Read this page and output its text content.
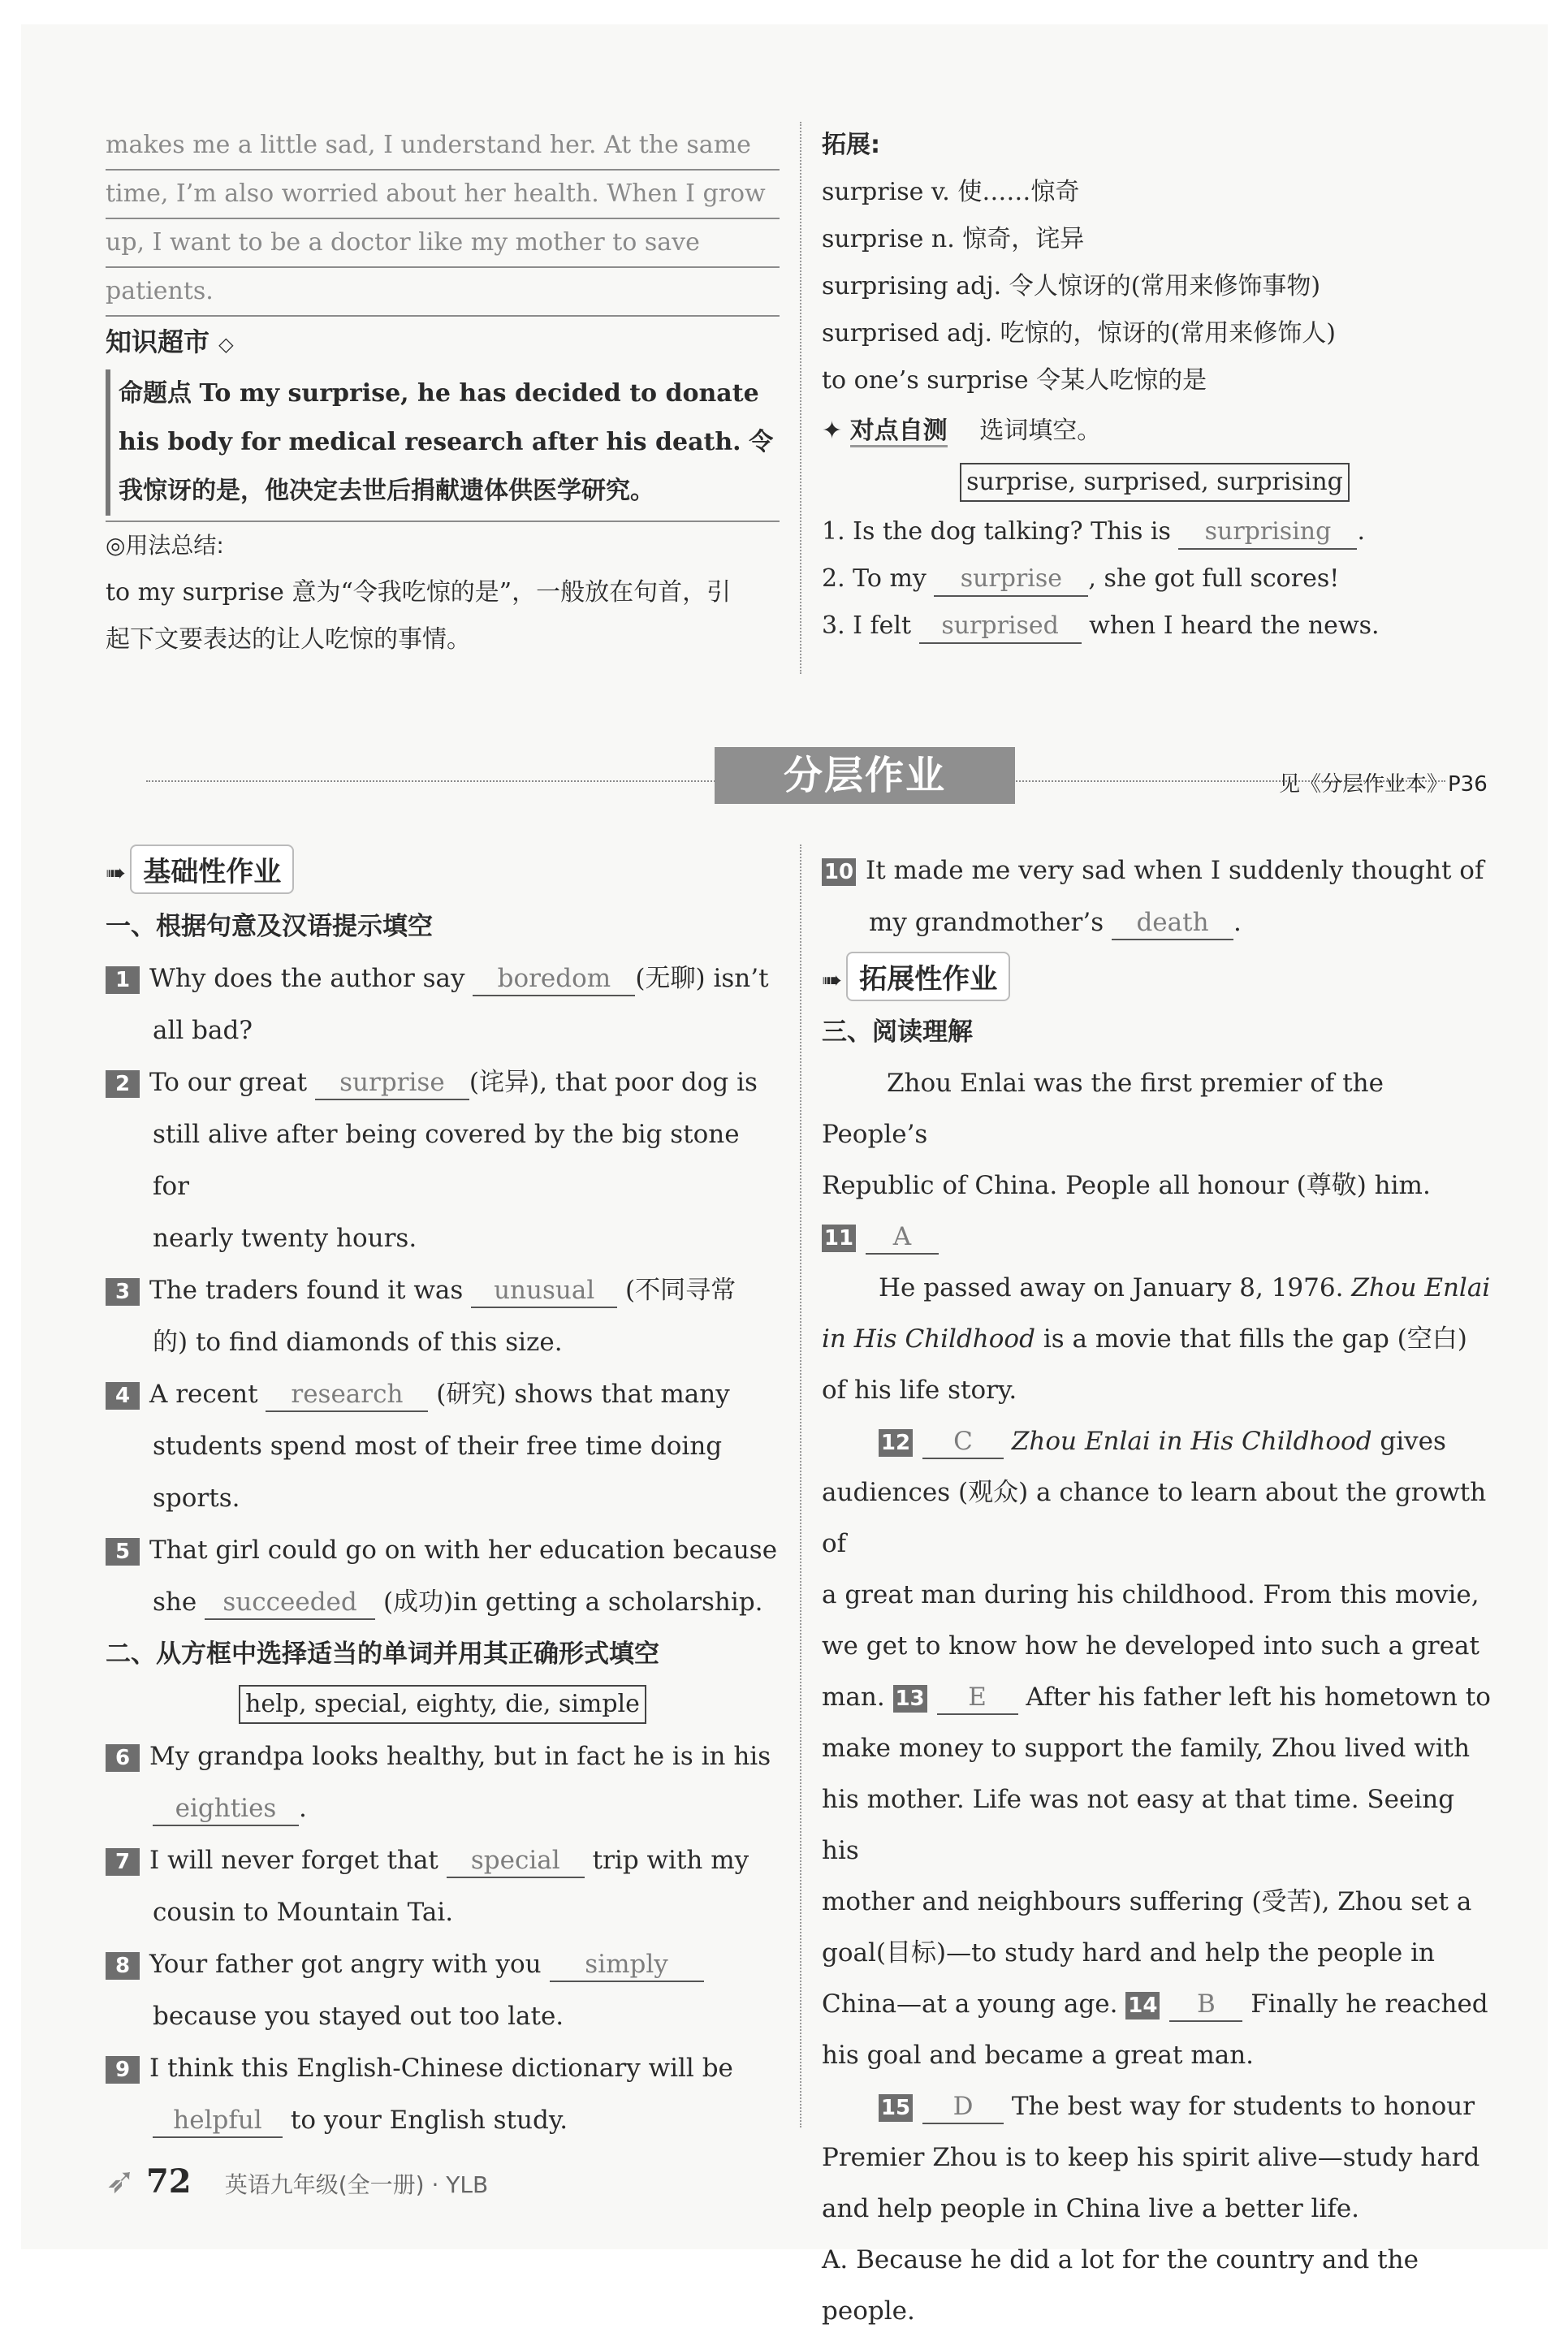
makes me a little sad, I understand her. At the same

time, I’m also worried about her health. When I grow

up, I want to be a doctor like my mother to save

patients.

知识超市 ◇

命题点 To my surprise, he has decided to donate his body for medical research after his death. 令我惊讶的是，他决定去世后捐献遗体供医学研究。

◎用法总结:

to my surprise 意为“令我吃惊的是”，一般放在句首，引

起下文要表达的让人吃惊的事情。

拓展:

surprise v. 使……惊奇

surprise n. 惊奇，诧异

surprising adj. 令人惊讶的(常用来修饰事物)

surprised adj. 吃惊的，惊讶的(常用来修饰人)

to one’s surprise 令某人吃惊的是

✦ 对点自测 选词填空。

surprise, surprised, surprising

1. Is the dog talking? This is surprising .

2. To my surprise , she got full scores!

3. I felt surprised when I heard the news.

分层作业	见《分层作业本》P36

➠ 基础性作业

一、根据句意及汉语提示填空

1 Why does the author say boredom (无聊) isn’t

all bad?

2 To our great surprise (诧异), that poor dog is

still alive after being covered by the big stone for

nearly twenty hours.

3 The traders found it was unusual (不同寻常

的) to find diamonds of this size.

4 A recent research (研究) shows that many

students spend most of their free time doing

sports.

5 That girl could go on with her education because

she succeeded (成功)in getting a scholarship.

二、从方框中选择适当的单词并用其正确形式填空

help, special, eighty, die, simple

6 My grandpa looks healthy, but in fact he is in his

eighties .

7 I will never forget that special trip with my

cousin to Mountain Tai.

8 Your father got angry with you simply

because you stayed out too late.

9 I think this English-Chinese dictionary will be

helpful to your English study.

10 It made me very sad when I suddenly thought of

my grandmother’s death .

➠ 拓展性作业

三、阅读理解

Zhou Enlai was the first premier of the People’s

Republic of China. People all honour (尊敬) him.

11 A

He passed away on January 8, 1976. Zhou Enlai

in His Childhood is a movie that fills the gap (空白)

of his life story.

12 C Zhou Enlai in His Childhood gives

audiences (观众) a chance to learn about the growth of

a great man during his childhood. From this movie,

we get to know how he developed into such a great

man. 13 E After his father left his hometown to

make money to support the family, Zhou lived with

his mother. Life was not easy at that time. Seeing his

mother and neighbours suffering (受苦), Zhou set a

goal(目标)—to study hard and help the people in

China—at a young age. 14 B Finally he reached

his goal and became a great man.

15 D The best way for students to honour

Premier Zhou is to keep his spirit alive—study hard

and help people in China live a better life.

A. Because he did a lot for the country and the people.

➶ 72 英语九年级(全一册) · YLB
